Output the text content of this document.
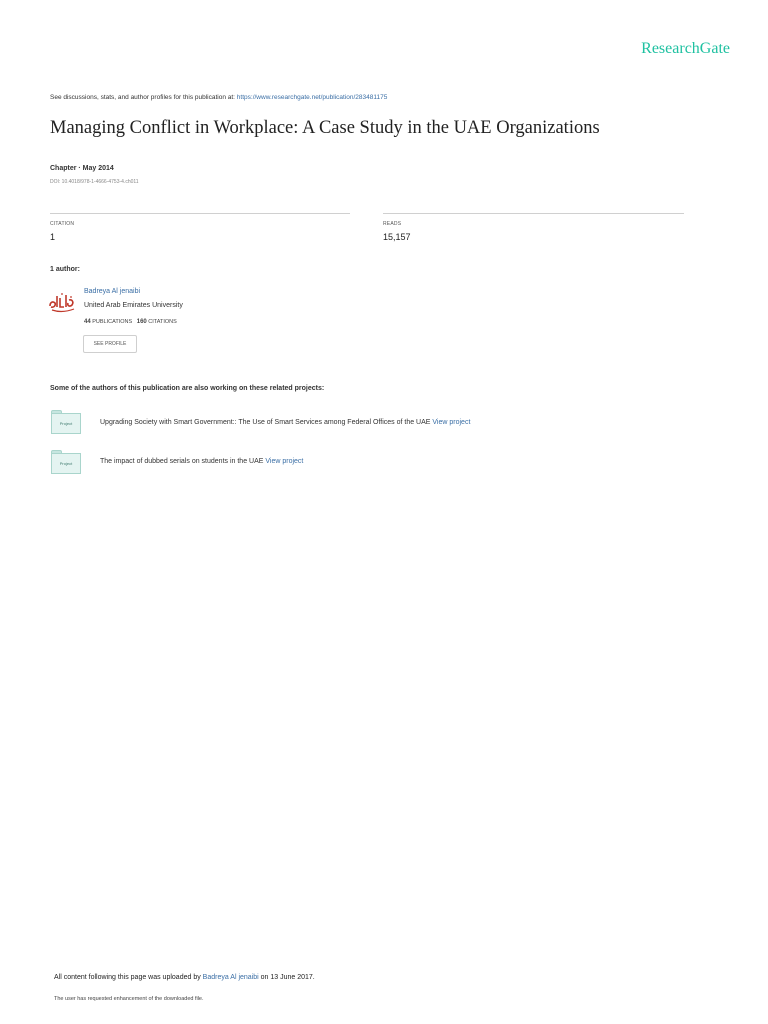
ResearchGate
See discussions, stats, and author profiles for this publication at: https://www.researchgate.net/publication/283481175
Managing Conflict in Workplace: A Case Study in the UAE Organizations
Chapter · May 2014
DOI: 10.4018/978-1-4666-4753-4.ch011
CITATION
1
READS
15,157
1 author:
Badreya Al jenaibi
United Arab Emirates University
44 PUBLICATIONS 160 CITATIONS
SEE PROFILE
Some of the authors of this publication are also working on these related projects:
Project	Upgrading Society with Smart Government:: The Use of Smart Services among Federal Offices of the UAE View project
Project	The impact of dubbed serials on students in the UAE View project
All content following this page was uploaded by Badreya Al jenaibi on 13 June 2017.
The user has requested enhancement of the downloaded file.
